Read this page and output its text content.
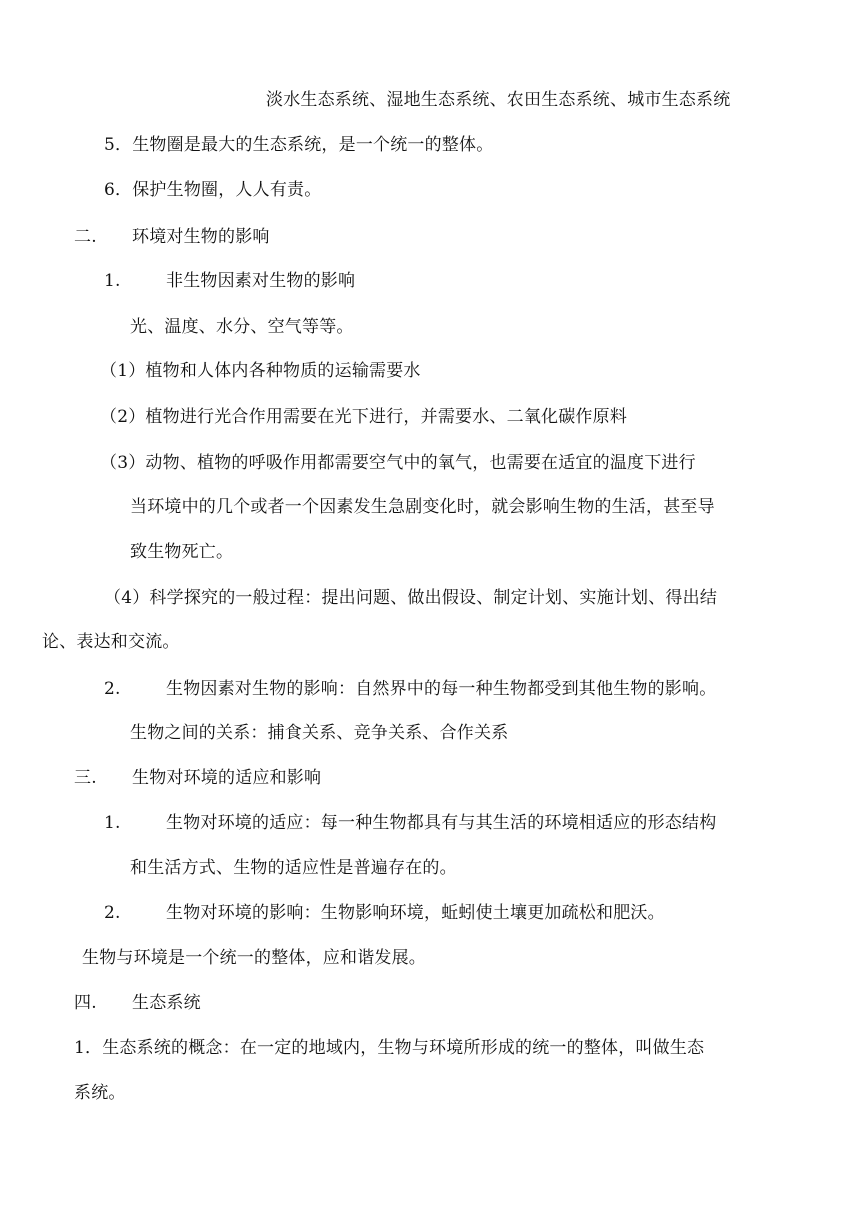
淡水生态系统、湿地生态系统、农田生态系统、城市生态系统
5．生物圈是最大的生态系统，是一个统一的整体。
6．保护生物圈，人人有责。
二. 环境对生物的影响
1.	非生物因素对生物的影响
光、温度、水分、空气等等。
（1）植物和人体内各种物质的运输需要水
（2）植物进行光合作用需要在光下进行，并需要水、二氧化碳作原料
（3）动物、植物的呼吸作用都需要空气中的氧气，也需要在适宜的温度下进行
当环境中的几个或者一个因素发生急剧变化时，就会影响生物的生活，甚至导
致生物死亡。
（4）科学探究的一般过程：提出问题、做出假设、制定计划、实施计划、得出结
论、表达和交流。
2.	生物因素对生物的影响：自然界中的每一种生物都受到其他生物的影响。
生物之间的关系：捕食关系、竞争关系、合作关系
三. 生物对环境的适应和影响
1.	生物对环境的适应：每一种生物都具有与其生活的环境相适应的形态结构
和生活方式、生物的适应性是普遍存在的。
2.	生物对环境的影响：生物影响环境，蚯蚓使土壤更加疏松和肥沃。
生物与环境是一个统一的整体，应和谐发展。
四. 生态系统
1．生态系统的概念：在一定的地域内，生物与环境所形成的统一的整体，叫做生态
系统。
